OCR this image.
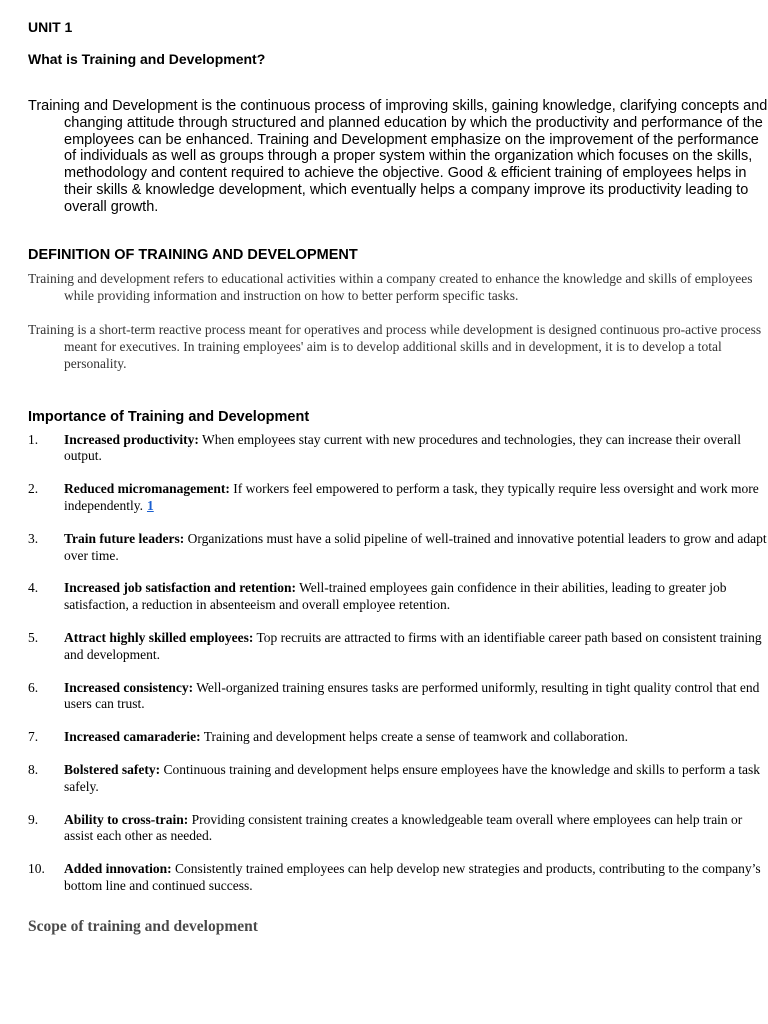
UNIT 1
What is Training and Development?

Training and Development is the continuous process of improving skills, gaining knowledge, clarifying concepts and changing attitude through structured and planned education by which the productivity and performance of the employees can be enhanced. Training and Development emphasize on the improvement of the performance of individuals as well as groups through a proper system within the organization which focuses on the skills, methodology and content required to achieve the objective. Good & efficient training of employees helps in their skills & knowledge development, which eventually helps a company improve its productivity leading to overall growth.

DEFINITION OF TRAINING AND DEVELOPMENT

Training and development refers to educational activities within a company created to enhance the knowledge and skills of employees while providing information and instruction on how to better perform specific tasks.

Training is a short-term reactive process meant for operatives and process while development is designed continuous pro-active process meant for executives. In training employees' aim is to develop additional skills and in development, it is to develop a total personality.

Importance of Training and Development
1. Increased productivity: When employees stay current with new procedures and technologies, they can increase their overall output.
2. Reduced micromanagement: If workers feel empowered to perform a task, they typically require less oversight and work more independently. 1
3. Train future leaders: Organizations must have a solid pipeline of well-trained and innovative potential leaders to grow and adapt over time.
4. Increased job satisfaction and retention: Well-trained employees gain confidence in their abilities, leading to greater job satisfaction, a reduction in absenteeism and overall employee retention.
5. Attract highly skilled employees: Top recruits are attracted to firms with an identifiable career path based on consistent training and development.
6. Increased consistency: Well-organized training ensures tasks are performed uniformly, resulting in tight quality control that end users can trust.
7. Increased camaraderie: Training and development helps create a sense of teamwork and collaboration.
8. Bolstered safety: Continuous training and development helps ensure employees have the knowledge and skills to perform a task safely.
9. Ability to cross-train: Providing consistent training creates a knowledgeable team overall where employees can help train or assist each other as needed.
10. Added innovation: Consistently trained employees can help develop new strategies and products, contributing to the company’s bottom line and continued success.
Scope of training and development
